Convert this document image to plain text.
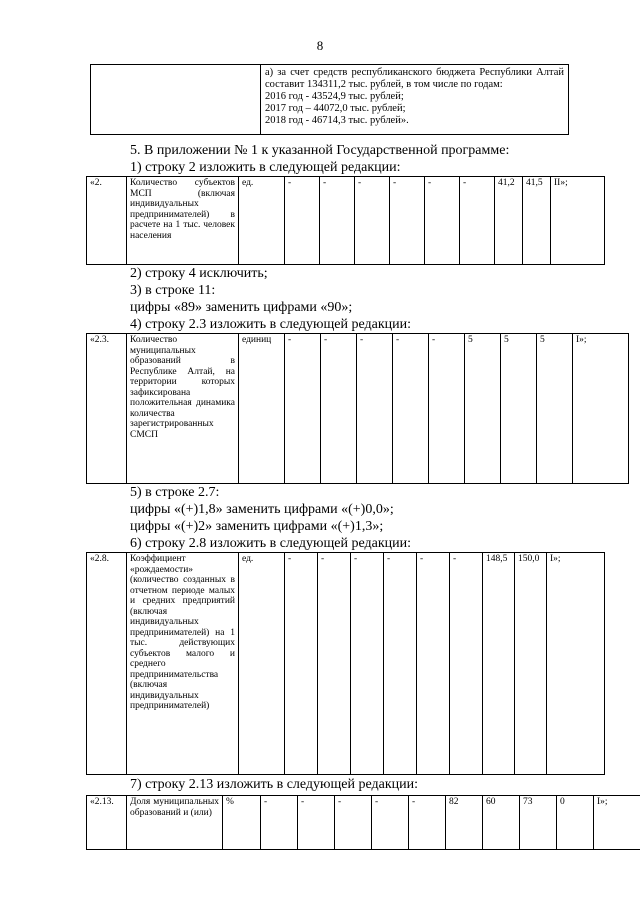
8

а) за счет средств республиканского бюджета Республики Алтай составит 134311,2 тыс. рублей, в том числе по годам:
2016 год - 43524,9 тыс. рублей;
2017 год – 44072,0 тыс. рублей;
2018 год - 46714,3 тыс. рублей».
5. В приложении № 1 к указанной Государственной программе:
1) строку 2 изложить в следующей редакции:
«2.	Количество субъектов МСП (включая индивидуальных предпринимателей) в расчете на 1 тыс. человек населения	ед.	-	-	-	-	-	-	41,2	41,5	II»;
2) строку 4 исключить;
3) в строке 11:
цифры «89» заменить цифрами «90»;
4) строку 2.3 изложить в следующей редакции:
«2.3.	Количество муниципальных образований в Республике Алтай, на территории которых зафиксирована положительная динамика количества зарегистрированных СМСП	единиц	-	-	-	-	-	5	5	5	I»;
5) в строке 2.7:
цифры «(+)1,8» заменить цифрами «(+)0,0»;
цифры «(+)2» заменить цифрами «(+)1,3»;
6) строку 2.8 изложить в следующей редакции:
«2.8.	Коэффициент «рождаемости» (количество созданных в отчетном периоде малых и средних предприятий (включая индивидуальных предпринимателей) на 1 тыс. действующих субъектов малого и среднего предпринимательства (включая индивидуальных предпринимателей)	ед.	-	-	-	-	-	-	148,5	150,0	I»;
7) строку 2.13 изложить в следующей редакции:
«2.13.	Доля муниципальных образований и (или)	%	-	-	-	-	-	82	60	73	0	I»;
